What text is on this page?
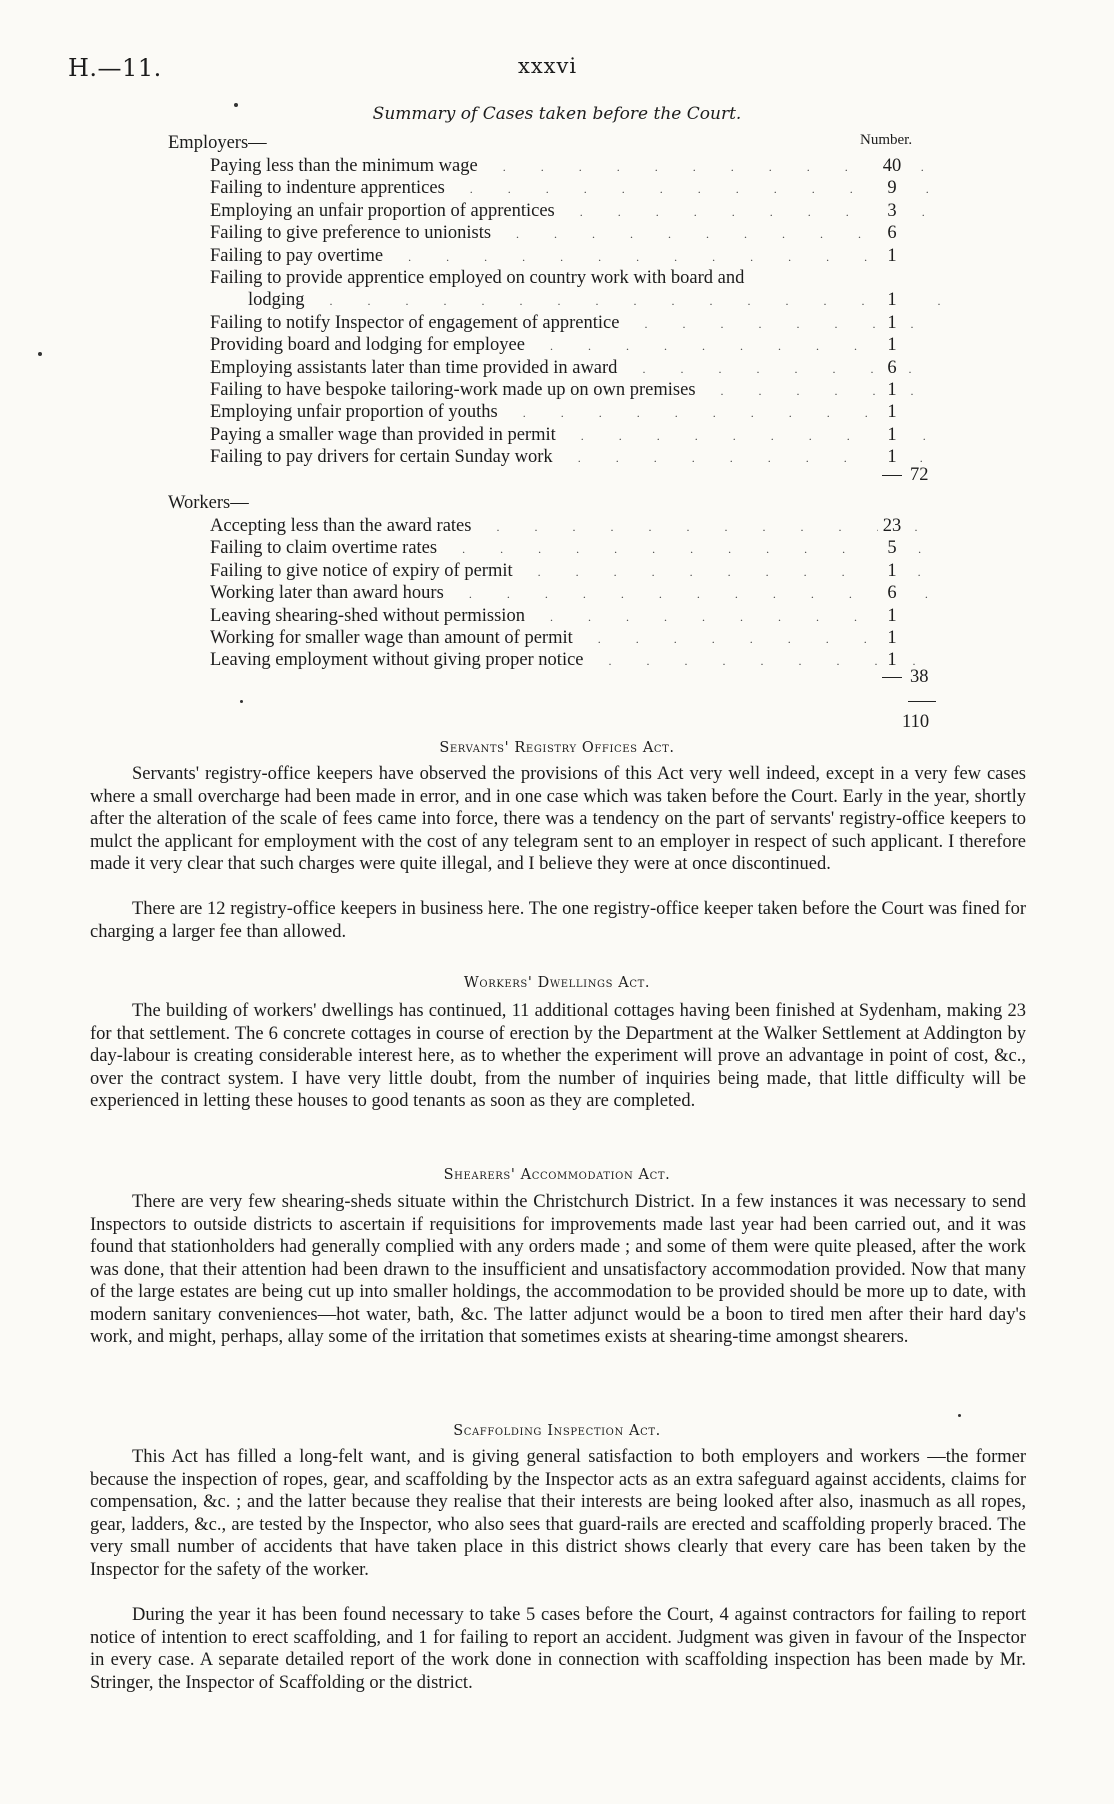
H.—11.	xxxvi
Summary of Cases taken before the Court.
Number.
Employers—
Paying less than the minimum wage . . .	40
Failing to indenture apprentices . . .	9
Employing an unfair proportion of apprentices . . .	3
Failing to give preference to unionists . . .	6
Failing to pay overtime . . .	1
Failing to provide apprentice employed on country work with board and
lodging . . .	1
Failing to notify Inspector of engagement of apprentice . . .	1
Providing board and lodging for employee . . .	1
Employing assistants later than time provided in award . . .	6
Failing to have bespoke tailoring-work made up on own premises . . .	1
Employing unfair proportion of youths . . .	1
Paying a smaller wage than provided in permit . . .	1
Failing to pay drivers for certain Sunday work . . .	1
72
Workers—
Accepting less than the award rates . . .	23
Failing to claim overtime rates . . .	5
Failing to give notice of expiry of permit . . .	1
Working later than award hours . . .	6
Leaving shearing-shed without permission . . .	1
Working for smaller wage than amount of permit . . .	1
Leaving employment without giving proper notice . . .	1
38
110
Servants' Registry Offices Act.

Servants' registry-office keepers have observed the provisions of this Act very well indeed, except in a very few cases where a small overcharge had been made in error, and in one case which was taken before the Court. Early in the year, shortly after the alteration of the scale of fees came into force, there was a tendency on the part of servants' registry-office keepers to mulct the applicant for employment with the cost of any telegram sent to an employer in respect of such applicant. I therefore made it very clear that such charges were quite illegal, and I believe they were at once discontinued.

There are 12 registry-office keepers in business here. The one registry-office keeper taken before the Court was fined for charging a larger fee than allowed.

Workers' Dwellings Act.

The building of workers' dwellings has continued, 11 additional cottages having been finished at Sydenham, making 23 for that settlement. The 6 concrete cottages in course of erection by the Department at the Walker Settlement at Addington by day-labour is creating considerable interest here, as to whether the experiment will prove an advantage in point of cost, &c., over the contract system. I have very little doubt, from the number of inquiries being made, that little difficulty will be experienced in letting these houses to good tenants as soon as they are completed.

Shearers' Accommodation Act.

There are very few shearing-sheds situate within the Christchurch District. In a few instances it was necessary to send Inspectors to outside districts to ascertain if requisitions for improvements made last year had been carried out, and it was found that stationholders had generally complied with any orders made ; and some of them were quite pleased, after the work was done, that their attention had been drawn to the insufficient and unsatisfactory accommodation provided. Now that many of the large estates are being cut up into smaller holdings, the accommodation to be provided should be more up to date, with modern sanitary conveniences—hot water, bath, &c. The latter adjunct would be a boon to tired men after their hard day's work, and might, perhaps, allay some of the irritation that sometimes exists at shearing-time amongst shearers.

Scaffolding Inspection Act.

This Act has filled a long-felt want, and is giving general satisfaction to both employers and workers —the former because the inspection of ropes, gear, and scaffolding by the Inspector acts as an extra safeguard against accidents, claims for compensation, &c. ; and the latter because they realise that their interests are being looked after also, inasmuch as all ropes, gear, ladders, &c., are tested by the Inspector, who also sees that guard-rails are erected and scaffolding properly braced. The very small number of accidents that have taken place in this district shows clearly that every care has been taken by the Inspector for the safety of the worker.

During the year it has been found necessary to take 5 cases before the Court, 4 against contractors for failing to report notice of intention to erect scaffolding, and 1 for failing to report an accident. Judgment was given in favour of the Inspector in every case. A separate detailed report of the work done in connection with scaffolding inspection has been made by Mr. Stringer, the Inspector of Scaffolding or the district.
